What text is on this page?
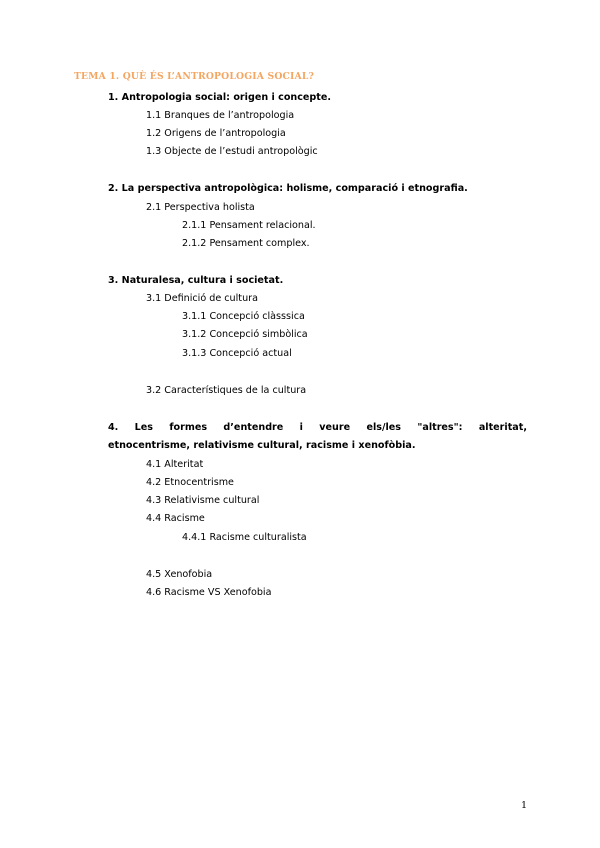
TEMA 1. QUÈ ÉS L’ANTROPOLOGIA SOCIAL?
1. Antropologia social: origen i concepte.
1.1 Branques de l’antropologia
1.2 Origens de l’antropologia
1.3 Objecte de l’estudi antropològic
2. La perspectiva antropològica: holisme, comparació i etnografia.
2.1 Perspectiva holista
2.1.1 Pensament relacional.
2.1.2 Pensament complex.
3. Naturalesa, cultura i societat.
3.1 Definició de cultura
3.1.1 Concepció clàsssica
3.1.2 Concepció simbòlica
3.1.3 Concepció actual
3.2 Característiques de la cultura
4. Les formes d’entendre i veure els/les "altres": alteritat,
etnocentrisme, relativisme cultural, racisme i xenofòbia.
4.1 Alteritat
4.2 Etnocentrisme
4.3 Relativisme cultural
4.4 Racisme
4.4.1 Racisme culturalista
4.5 Xenofobia
4.6 Racisme VS Xenofobia
1
